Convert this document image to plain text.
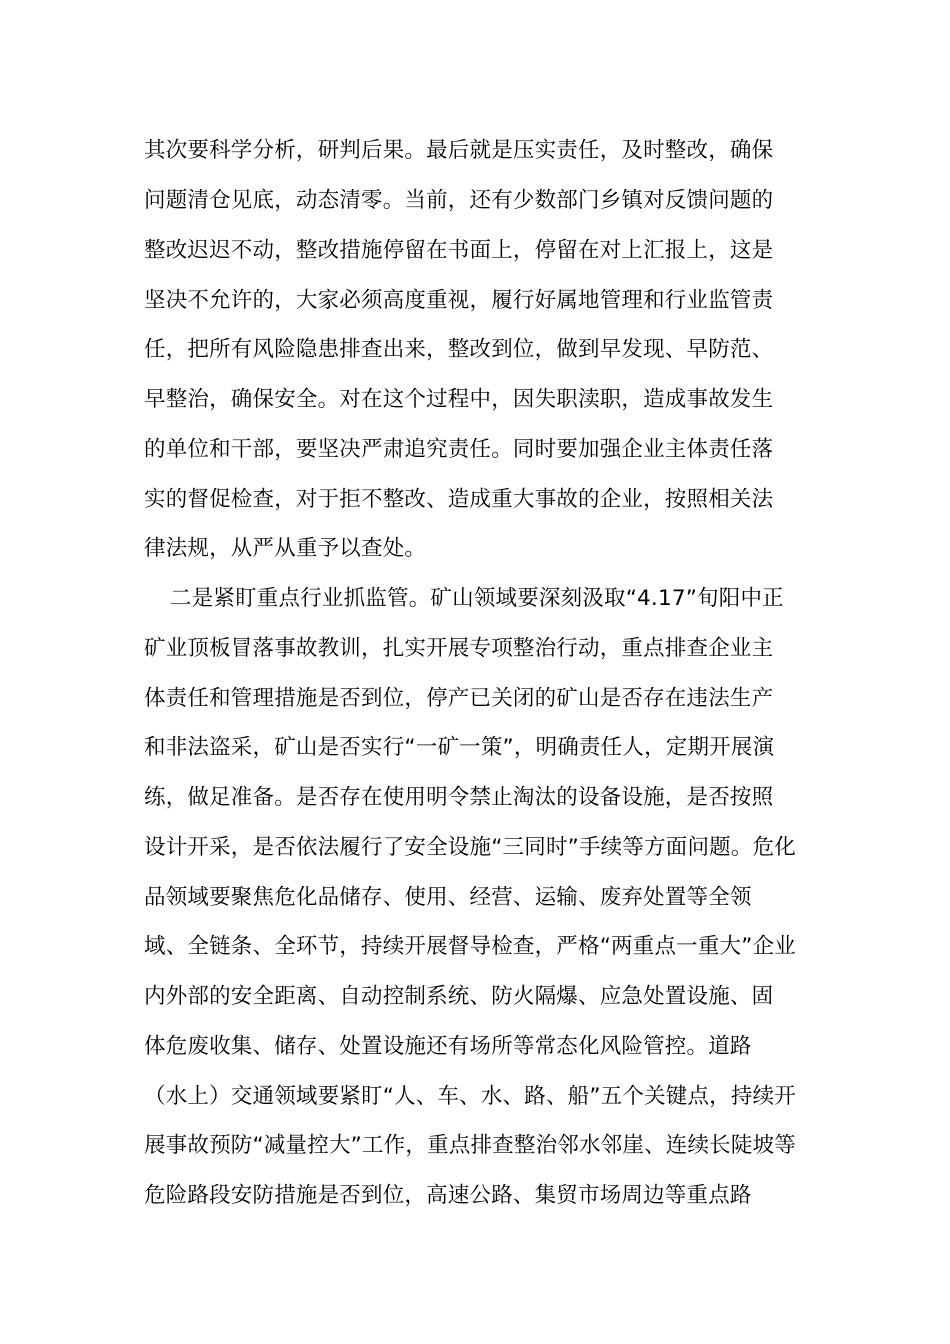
其次要科学分析，研判后果。最后就是压实责任，及时整改，确保
问题清仓见底，动态清零。当前，还有少数部门乡镇对反馈问题的
整改迟迟不动，整改措施停留在书面上，停留在对上汇报上，这是
坚决不允许的，大家必须高度重视，履行好属地管理和行业监管责
任，把所有风险隐患排查出来，整改到位，做到早发现、早防范、
早整治，确保安全。对在这个过程中，因失职渎职，造成事故发生
的单位和干部，要坚决严肃追究责任。同时要加强企业主体责任落
实的督促检查，对于拒不整改、造成重大事故的企业，按照相关法
律法规，从严从重予以查处。
二是紧盯重点行业抓监管。矿山领域要深刻汲取“4.17”旬阳中正
矿业顶板冒落事故教训，扎实开展专项整治行动，重点排查企业主
体责任和管理措施是否到位，停产已关闭的矿山是否存在违法生产
和非法盗采，矿山是否实行“一矿一策”，明确责任人，定期开展演
练，做足准备。是否存在使用明令禁止淘汰的设备设施，是否按照
设计开采，是否依法履行了安全设施“三同时”手续等方面问题。危化
品领域要聚焦危化品储存、使用、经营、运输、废弃处置等全领
域、全链条、全环节，持续开展督导检查，严格“两重点一重大”企业
内外部的安全距离、自动控制系统、防火隔爆、应急处置设施、固
体危废收集、储存、处置设施还有场所等常态化风险管控。道路
（水上）交通领域要紧盯“人、车、水、路、船”五个关键点，持续开
展事故预防“减量控大”工作，重点排查整治邻水邻崖、连续长陡坡等
危险路段安防措施是否到位，高速公路、集贸市场周边等重点路
